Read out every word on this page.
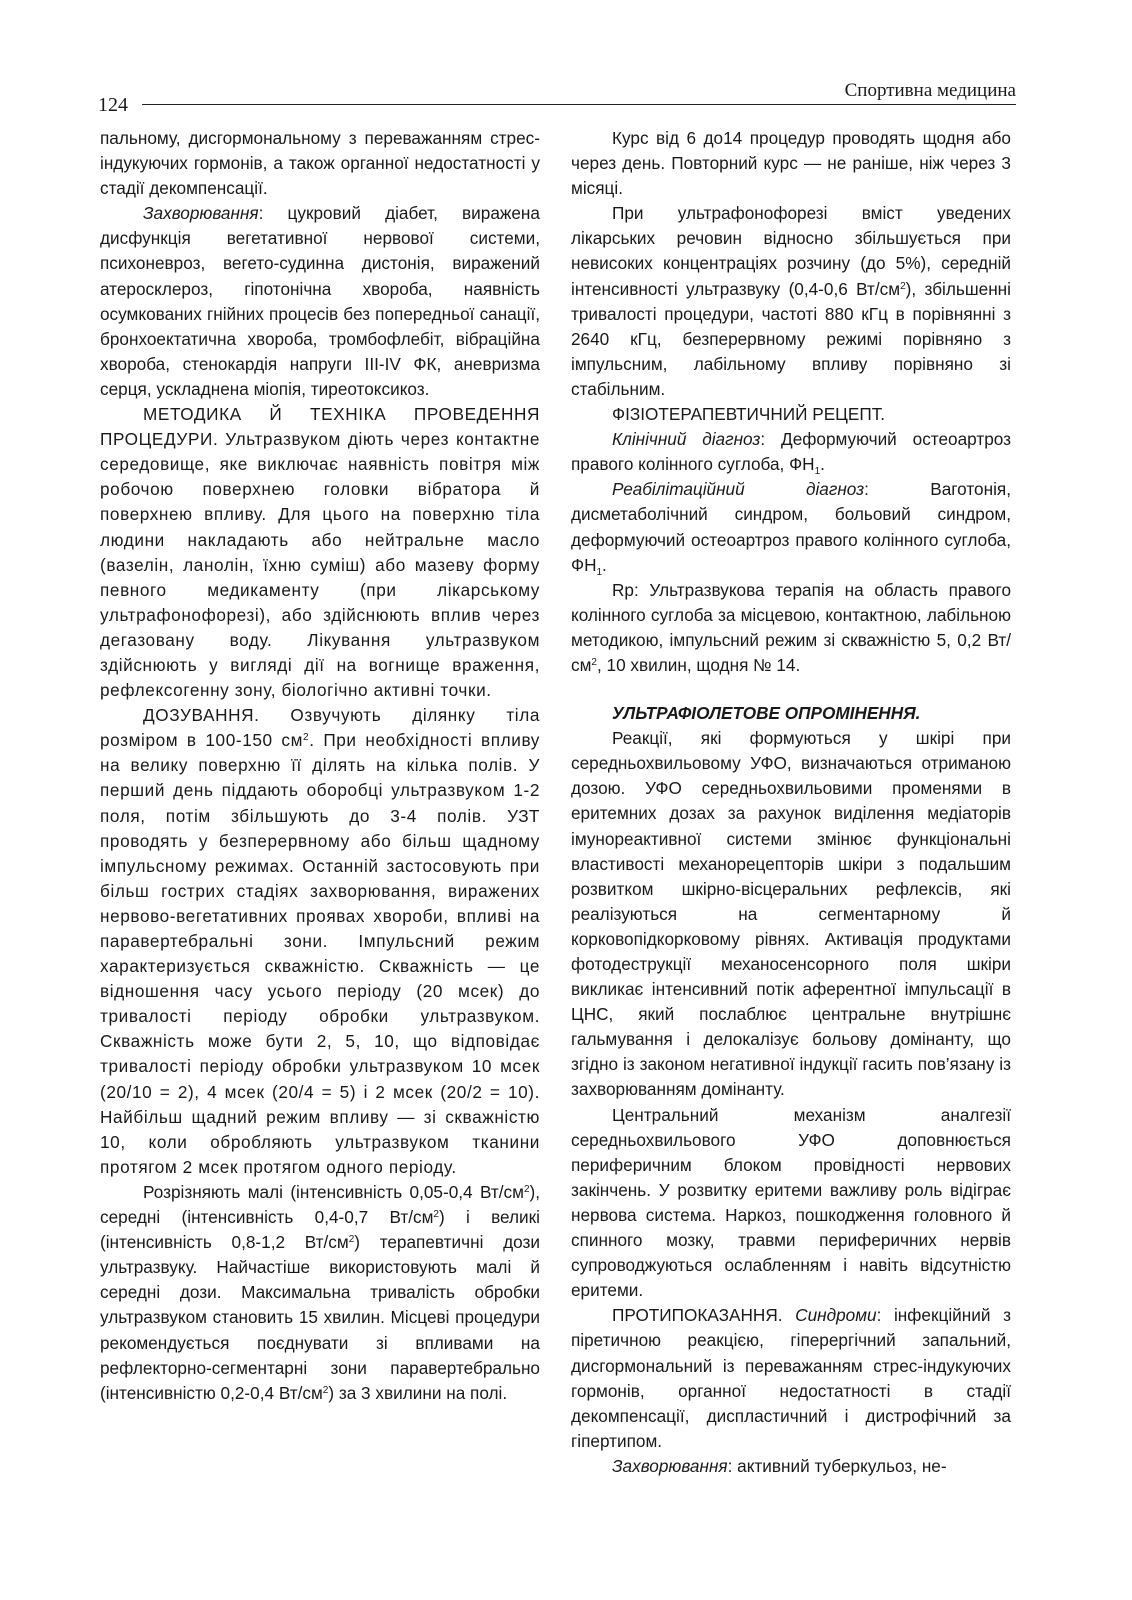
124
Спортивна медицина

пальному, дисгормональному з переважанням стрес-індукуючих гормонів, а також органної недостатності у стадії декомпенсації.

Захворювання: цукровий діабет, виражена дисфункція вегетативної нервової системи, психоневроз, вегето-судинна дистонія, виражений атеросклероз, гіпотонічна хвороба, наявність осумкованих гнійних процесів без попередньої санації, бронхоектатична хвороба, тромбофлебіт, вібраційна хвороба, стенокардія напруги III-IV ФК, аневризма серця, ускладнена міопія, тиреотоксикоз.

МЕТОДИКА Й ТЕХНІКА ПРОВЕДЕННЯ ПРОЦЕДУРИ. Ультразвуком діють через контактне середовище, яке виключає наявність повітря між робочою поверхнею головки вібратора й поверхнею впливу. Для цього на поверхню тіла людини накладають або нейтральне масло (вазелін, ланолін, їхню суміш) або мазеву форму певного медикаменту (при лікарському ультрафонофорезі), або здійснюють вплив через дегазовану воду. Лікування ультразвуком здійснюють у вигляді дії на вогнище враження, рефлексогенну зону, біологічно активні точки.

ДОЗУВАННЯ. Озвучують ділянку тіла розміром в 100-150 $см^2$. При необхідності впливу на велику поверхню її ділять на кілька полів. У перший день піддають оборобці ультразвуком 1-2 поля, потім збільшують до 3-4 полів. УЗТ проводять у безперервному або більш щадному імпульсному режимах. Останній застосовують при більш гострих стадіях захворювання, виражених нервово-вегетативних проявах хвороби, впливі на паравертебральні зони. Імпульсний режим характеризується скважністю. Скважність — це відношення часу усього періоду (20 мсек) до тривалості періоду обробки ультразвуком. Скважність може бути 2, 5, 10, що відповідає тривалості періоду обробки ультразвуком 10 мсек (20/10 = 2), 4 мсек (20/4 = 5) і 2 мсек (20/2 = 10). Найбільш щадний режим впливу — зі скважністю 10, коли обробляють ультразвуком тканини протягом 2 мсек протягом одного періоду.

Розрізняють малі (інтенсивність 0,05-0,4 $Вт/см^2$), середні (інтенсивність 0,4-0,7 $Вт/см^2$) і великі (інтенсивність 0,8-1,2 $Вт/см^2$) терапевтичні дози ультразвуку. Найчастіше використовують малі й середні дози. Максимальна тривалість обробки ультразвуком становить 15 хвилин. Місцеві процедури рекомендується поєднувати зі впливами на рефлекторно-сегментарні зони паравертебрально (інтенсивністю 0,2-0,4 $Вт/см^2$) за 3 хвилини на полі.

Курс від 6 до14 процедур проводять щодня або через день. Повторний курс — не раніше, ніж через 3 місяці.

При ультрафонофорезі вміст уведених лікарських речовин відносно збільшується при невисоких концентраціях розчину (до 5%), середній інтенсивності ультразвуку (0,4-0,6 $Вт/см^2$), збільшенні тривалості процедури, частоті 880 кГц в порівнянні з 2640 кГц, безперервному режимі порівняно з імпульсним, лабільному впливу порівняно зі стабільним.

ФІЗІОТЕРАПЕВТИЧНИЙ РЕЦЕПТ.

Клінічний діагноз: Деформуючий остеоартроз правого колінного суглоба, $ФН_1$.

Реабілітаційний діагноз: Ваготонія, дисметаболічний синдром, больовий синдром, деформуючий остеоартроз правого колінного суглоба, $ФН_1$.

Rp: Ультразвукова терапія на область правого колінного суглоба за місцевою, контактною, лабільною методикою, імпульсний режим зі скважністю 5, 0,2 $Вт/см^2$, 10 хвилин, щодня № 14.

УЛЬТРАФІОЛЕТОВЕ ОПРОМІНЕННЯ.

Реакції, які формуються у шкірі при середньохвильовому УФО, визначаються отриманою дозою. УФО середньохвильовими променями в еритемних дозах за рахунок виділення медіаторів імунореактивної системи змінює функціональні властивості механорецепторів шкіри з подальшим розвитком шкірно-вісцеральних рефлексів, які реалізуються на сегментарному й корковопідкорковому рівнях. Активація продуктами фотодеструкції механосенсорного поля шкіри викликає інтенсивний потік аферентної імпульсації в ЦНС, який послаблює центральне внутрішнє гальмування і делокалізує больову домінанту, що згідно із законом негативної індукції гасить пов’язану із захворюванням домінанту.

Центральний механізм аналгезії середньохвильового УФО доповнюється периферичним блоком провідності нервових закінчень. У розвитку еритеми важливу роль відіграє нервова система. Наркоз, пошкодження головного й спинного мозку, травми периферичних нервів супроводжуються ослабленням і навіть відсутністю еритеми.

ПРОТИПОКАЗАННЯ. Синдроми: інфекційний з піретичною реакцією, гіперергічний запальний, дисгормональний із переважанням стрес-індукуючих гормонів, органної недостатності в стадії декомпенсації, диспластичний і дистрофічний за гіпертипом.

Захворювання: активний туберкульоз, не-
